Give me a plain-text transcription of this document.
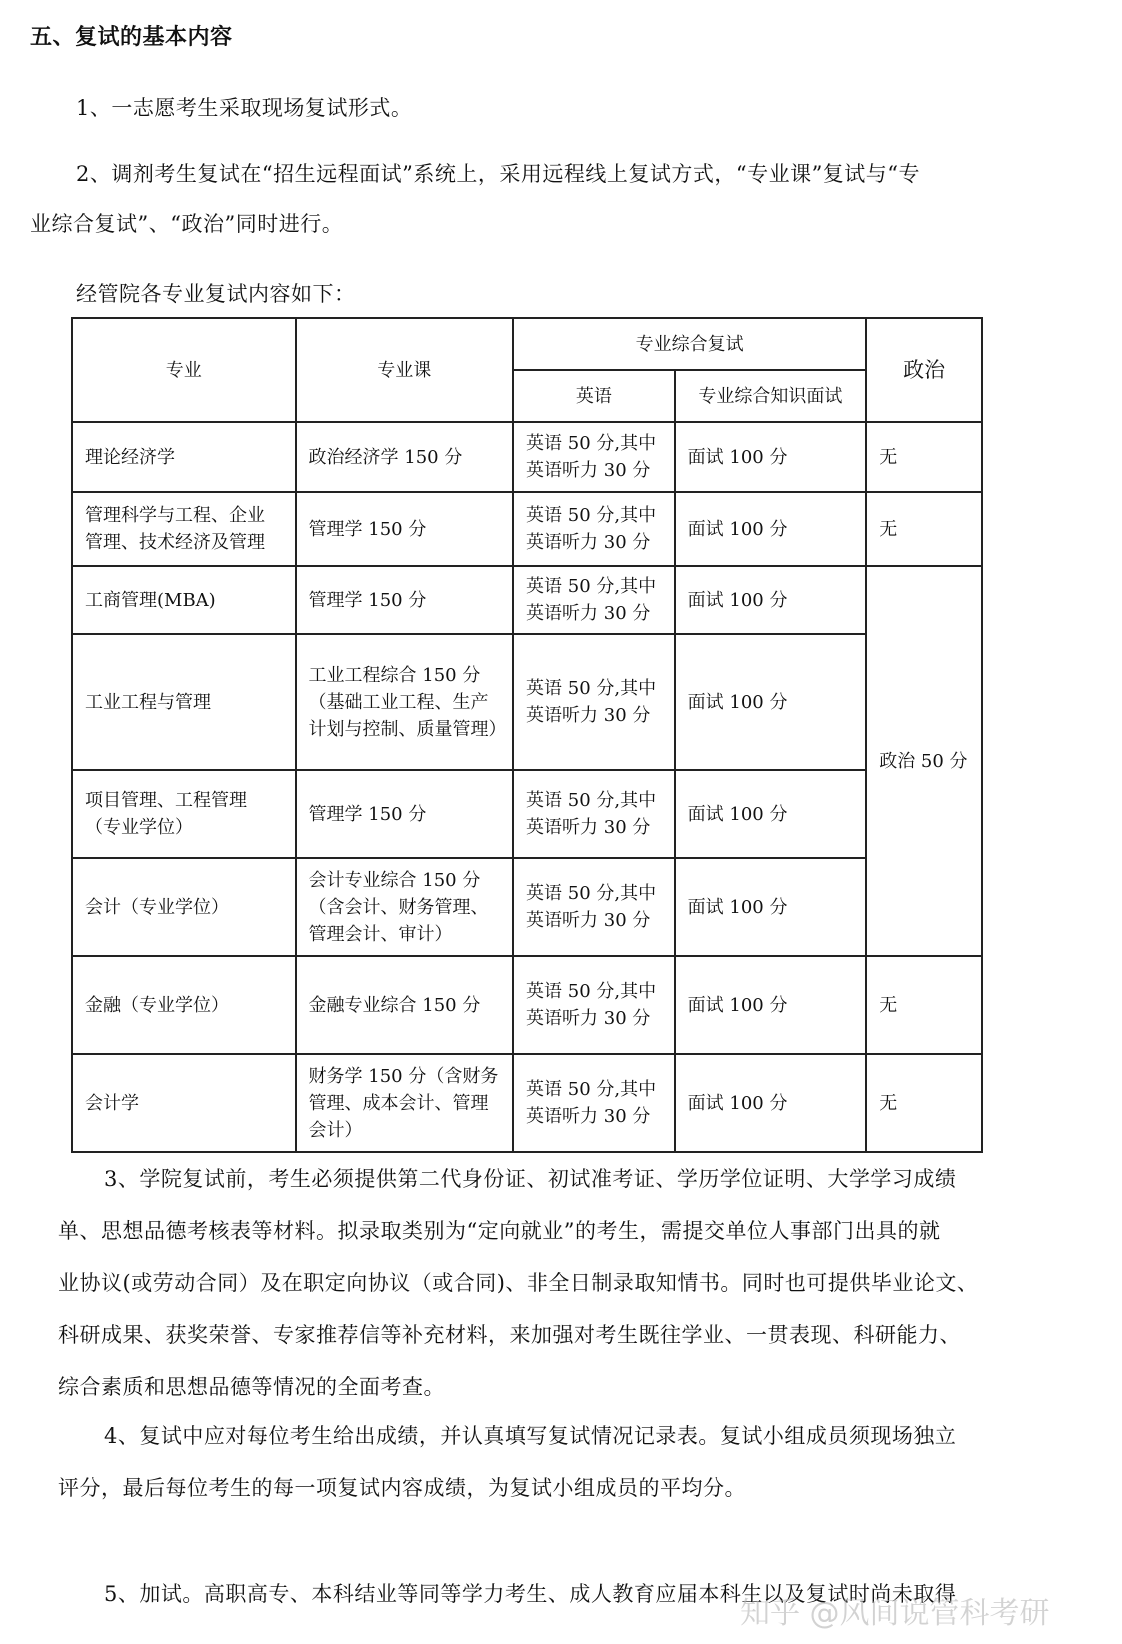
五、复试的基本内容
1、一志愿考生采取现场复试形式。
2、调剂考生复试在“招生远程面试”系统上，采用远程线上复试方式，“专业课”复试与“专
业综合复试”、“政治”同时进行。
经管院各专业复试内容如下：
专业	专业课	专业综合复试		政治
		英语	专业综合知识面试	
理论经济学	政治经济学 150 分	英语 50 分,其中英语听力 30 分	面试 100 分	无
管理科学与工程、企业管理、技术经济及管理	管理学 150 分	英语 50 分,其中英语听力 30 分	面试 100 分	无
工商管理(MBA)	管理学 150 分	英语 50 分,其中英语听力 30 分	面试 100 分	政治 50 分
工业工程与管理	工业工程综合 150 分（基础工业工程、生产计划与控制、质量管理）	英语 50 分,其中英语听力 30 分	面试 100 分	
项目管理、工程管理（专业学位）	管理学 150 分	英语 50 分,其中英语听力 30 分	面试 100 分	
会计（专业学位）	会计专业综合 150 分（含会计、财务管理、管理会计、审计）	英语 50 分,其中英语听力 30 分	面试 100 分	
金融（专业学位）	金融专业综合 150 分	英语 50 分,其中英语听力 30 分	面试 100 分	无
会计学	财务学 150 分（含财务管理、成本会计、管理会计）	英语 50 分,其中英语听力 30 分	面试 100 分	无
3、学院复试前，考生必须提供第二代身份证、初试准考证、学历学位证明、大学学习成绩
单、思想品德考核表等材料。拟录取类别为“定向就业”的考生，需提交单位人事部门出具的就
业协议(或劳动合同）及在职定向协议（或合同)、非全日制录取知情书。同时也可提供毕业论文、
科研成果、获奖荣誉、专家推荐信等补充材料，来加强对考生既往学业、一贯表现、科研能力、
综合素质和思想品德等情况的全面考查。
4、复试中应对每位考生给出成绩，并认真填写复试情况记录表。复试小组成员须现场独立
评分，最后每位考生的每一项复试内容成绩，为复试小组成员的平均分。
5、加试。高职高专、本科结业等同等学力考生、成人教育应届本科生以及复试时尚未取得
知乎 @风间说管科考研
